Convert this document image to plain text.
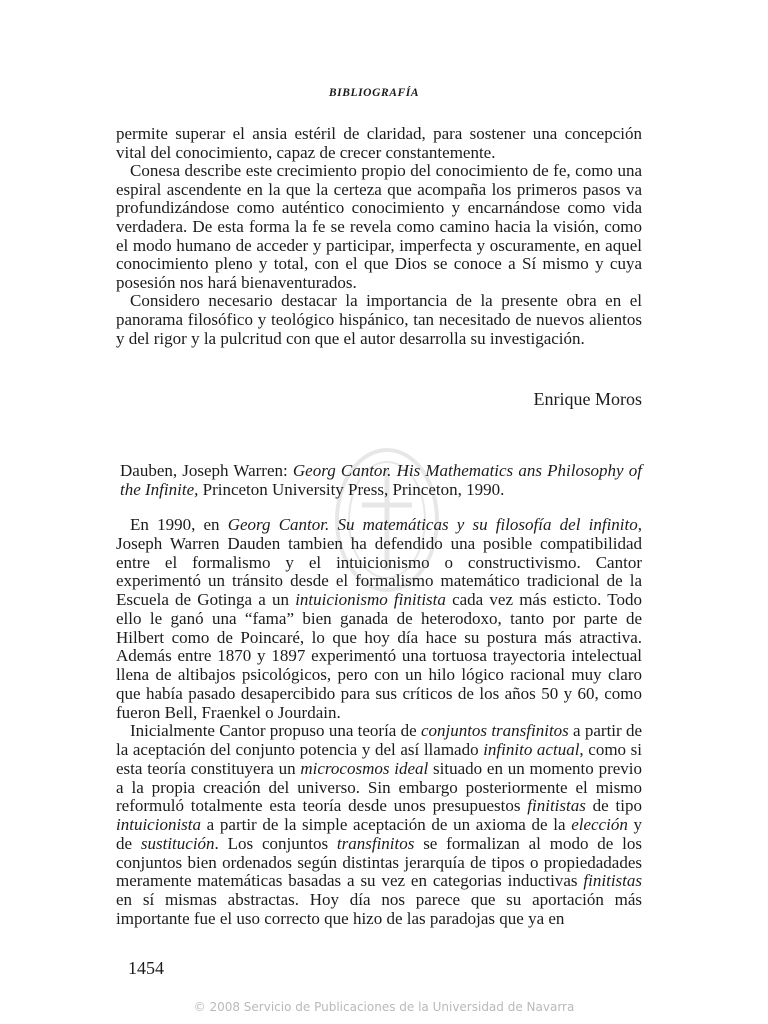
BIBLIOGRAFÍA

permite superar el ansia estéril de claridad, para sostener una concepción vital del conocimiento, capaz de crecer constantemente.

Conesa describe este crecimiento propio del conocimiento de fe, como una espiral ascendente en la que la certeza que acompaña los primeros pasos va profundizándose como auténtico conocimiento y encarnándose como vida verdadera. De esta forma la fe se revela como camino hacia la visión, como el modo humano de acceder y participar, imperfecta y oscuramente, en aquel conocimiento pleno y total, con el que Dios se conoce a Sí mismo y cuya posesión nos hará bienaventurados.

Considero necesario destacar la importancia de la presente obra en el panorama filosófico y teológico hispánico, tan necesitado de nuevos alientos y del rigor y la pulcritud con que el autor desarrolla su investigación.

Enrique Moros
Dauben, Joseph Warren: Georg Cantor. His Mathematics ans Philosophy of the Infinite, Princeton University Press, Princeton, 1990.

En 1990, en Georg Cantor. Su matemáticas y su filosofía del infinito, Joseph Warren Dauden tambien ha defendido una posible compatibilidad entre el formalismo y el intuicionismo o constructivismo. Cantor experimentó un tránsito desde el formalismo matemático tradicional de la Escuela de Gotinga a un intuicionismo finitista cada vez más esticto. Todo ello le ganó una “fama” bien ganada de heterodoxo, tanto por parte de Hilbert como de Poincaré, lo que hoy día hace su postura más atractiva. Además entre 1870 y 1897 experimentó una tortuosa trayectoria intelectual llena de altibajos psicológicos, pero con un hilo lógico racional muy claro que había pasado desapercibido para sus críticos de los años 50 y 60, como fueron Bell, Fraenkel o Jourdain.

Inicialmente Cantor propuso una teoría de conjuntos transfinitos a partir de la aceptación del conjunto potencia y del así llamado infinito actual, como si esta teoría constituyera un microcosmos ideal situado en un momento previo a la propia creación del universo. Sin embargo posteriormente el mismo reformuló totalmente esta teoría desde unos presupuestos finitistas de tipo intuicionista a partir de la simple aceptación de un axioma de la elección y de sustitución. Los conjuntos transfinitos se formalizan al modo de los conjuntos bien ordenados según distintas jerarquía de tipos o propiedadades meramente matemáticas basadas a su vez en categorias inductivas finitistas en sí mismas abstractas. Hoy día nos parece que su aportación más importante fue el uso correcto que hizo de las paradojas que ya en

1454
© 2008 Servicio de Publicaciones de la Universidad de Navarra
